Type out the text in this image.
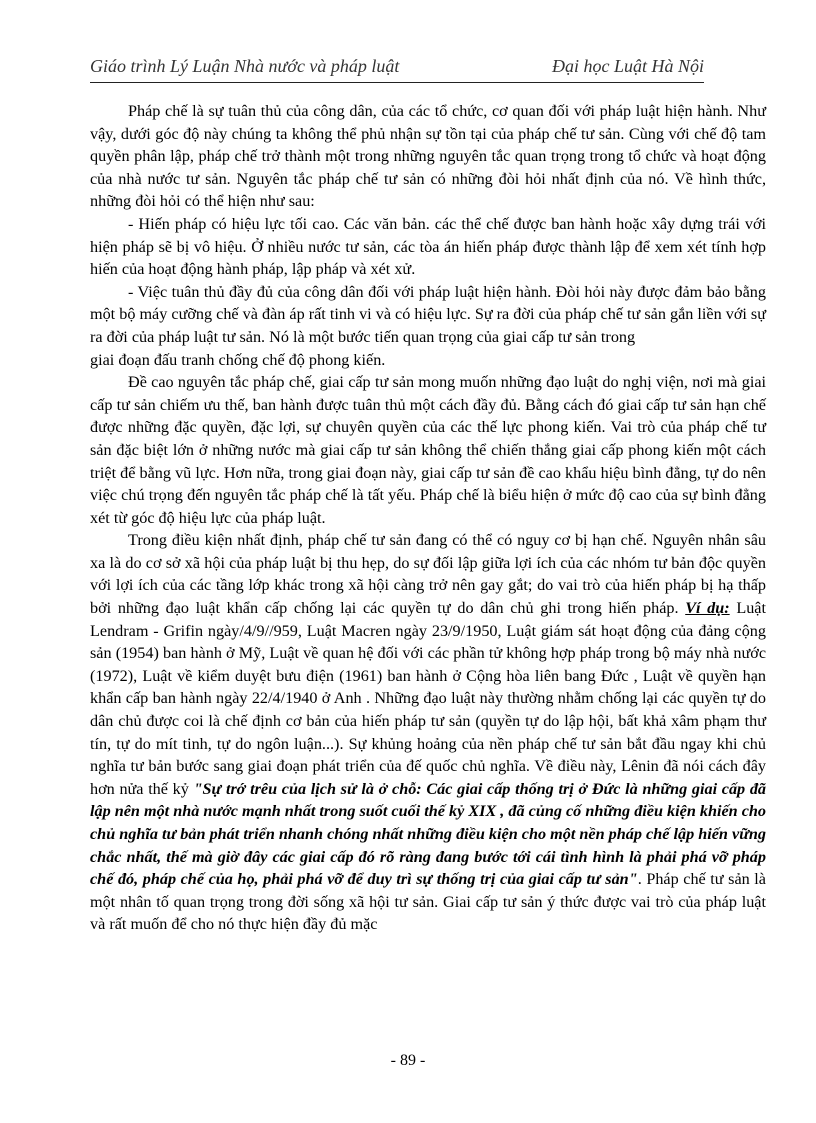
Giáo trình Lý Luận Nhà nước và pháp luật	Đại học Luật Hà Nội

Pháp chế là sự tuân thủ của công dân, của các tổ chức, cơ quan đối với pháp luật hiện hành. Như vậy, dưới góc độ này chúng ta không thể phủ nhận sự tồn tại của pháp chế tư sản. Cùng với chế độ tam quyền phân lập, pháp chế trở thành một trong những nguyên tắc quan trọng trong tổ chức và hoạt động của nhà nước tư sản. Nguyên tắc pháp chế tư sản có những đòi hỏi nhất định của nó. Về hình thức, những đòi hỏi có thể hiện như sau:

- Hiến pháp có hiệu lực tối cao. Các văn bản. các thể chế được ban hành hoặc xây dựng trái với hiện pháp sẽ bị vô hiệu. Ở nhiều nước tư sản, các tòa án hiến pháp được thành lập để xem xét tính hợp hiến của hoạt động hành pháp, lập pháp và xét xử.

- Việc tuân thủ đầy đủ của công dân đối với pháp luật hiện hành. Đòi hỏi này được đảm bảo bằng một bộ máy cưỡng chế và đàn áp rất tinh vi và có hiệu lực. Sự ra đời của pháp chế tư sản gắn liền với sự ra đời của pháp luật tư sản. Nó là một bước tiến quan trọng của giai cấp tư sản trong

giai đoạn đấu tranh chống chế độ phong kiến.

Đề cao nguyên tắc pháp chế, giai cấp tư sản mong muốn những đạo luật do nghị viện, nơi mà giai cấp tư sản chiếm ưu thế, ban hành được tuân thủ một cách đầy đủ. Bằng cách đó giai cấp tư sản hạn chế được những đặc quyền, đặc lợi, sự chuyên quyền của các thế lực phong kiến. Vai trò của pháp chế tư sản đặc biệt lớn ở những nước mà giai cấp tư sản không thể chiến thắng giai cấp phong kiến một cách triệt để bằng vũ lực. Hơn nữa, trong giai đoạn này, giai cấp tư sản đề cao khẩu hiệu bình đẳng, tự do nên việc chú trọng đến nguyên tắc pháp chế là tất yếu. Pháp chế là biểu hiện ở mức độ cao của sự bình đẳng xét từ góc độ hiệu lực của pháp luật.

Trong điều kiện nhất định, pháp chế tư sản đang có thể có nguy cơ bị hạn chế. Nguyên nhân sâu xa là do cơ sở xã hội của pháp luật bị thu hẹp, do sự đối lập giữa lợi ích của các nhóm tư bản độc quyền với lợi ích của các tầng lớp khác trong xã hội càng trở nên gay gắt; do vai trò của hiến pháp bị hạ thấp bởi những đạo luật khẩn cấp chống lại các quyền tự do dân chủ ghi trong hiến pháp. Ví dụ: Luật Lendram - Grifin ngày/4/9//959, Luật Macren ngày 23/9/1950, Luật giám sát hoạt động của đảng cộng sản (1954) ban hành ở Mỹ, Luật về quan hệ đối với các phần tử không hợp pháp trong bộ máy nhà nước (1972), Luật về kiểm duyệt bưu điện (1961) ban hành ở Cộng hòa liên bang Đức , Luật về quyền hạn khẩn cấp ban hành ngày 22/4/1940 ở Anh . Những đạo luật này thường nhằm chống lại các quyền tự do dân chủ được coi là chế định cơ bản của hiến pháp tư sản (quyền tự do lập hội, bất khả xâm phạm thư tín, tự do mít tinh, tự do ngôn luận...). Sự khủng hoảng của nền pháp chế tư sản bắt đầu ngay khi chủ nghĩa tư bản bước sang giai đoạn phát triển của đế quốc chủ nghĩa. Về điều này, Lênin đã nói cách đây hơn nửa thế kỷ "Sự trớ trêu của lịch sử là ở chỗ: Các giai cấp thống trị ở Đức là những giai cấp đã lập nên một nhà nước mạnh nhất trong suốt cuối thế kỷ XIX , đã củng cố những điều kiện khiến cho chủ nghĩa tư bản phát triển nhanh chóng nhất những điều kiện cho một nền pháp chế lập hiến vững chắc nhất, thế mà giờ đây các giai cấp đó rõ ràng đang bước tới cái tình hình là phải phá vỡ pháp chế đó, pháp chế của họ, phải phá vỡ để duy trì sự thống trị của giai cấp tư sản". Pháp chế tư sản là một nhân tố quan trọng trong đời sống xã hội tư sản. Giai cấp tư sản ý thức được vai trò của pháp luật và rất muốn để cho nó thực hiện đầy đủ mặc

- 89 -
